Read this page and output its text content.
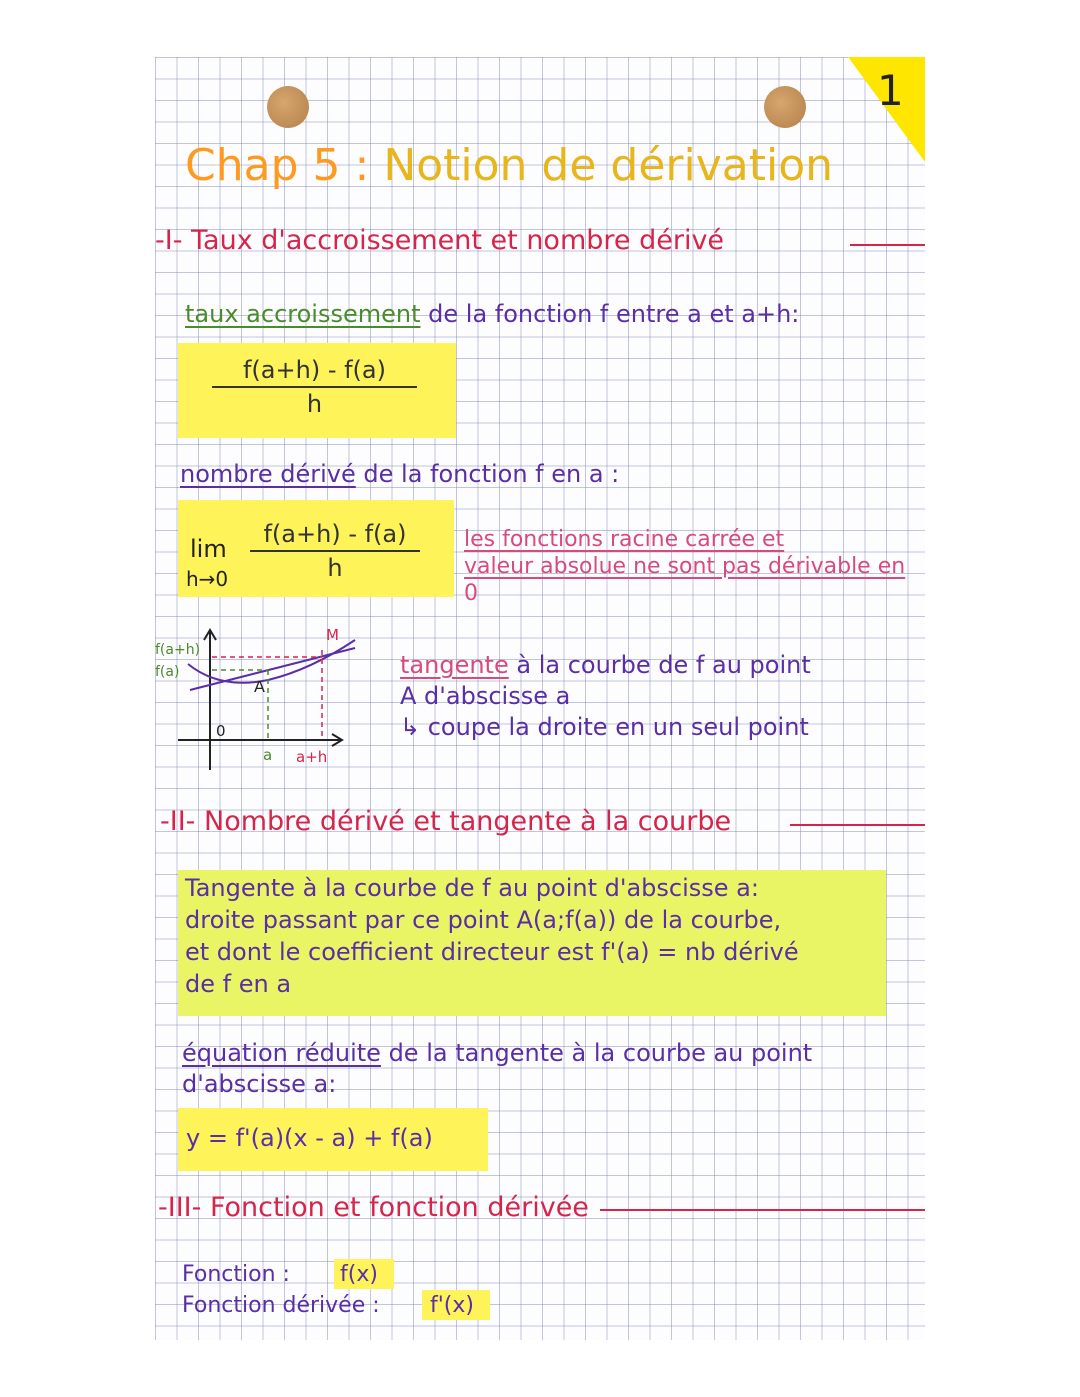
1
Chap 5 : Notion de dérivation
-I- Taux d'accroissement et nombre dérivé
taux accroissement de la fonction f entre a et a+h:
f(a+h) - f(a)
h
nombre dérivé de la fonction f en a :
lim
h→0
f(a+h) - f(a)
h
les fonctions racine carrée et
valeur absolue ne sont pas dérivable en
0
f(a+h)
f(a)
0
A
M
a a+h
tangente à la courbe de f au point
A d'abscisse a
↳ coupe la droite en un seul point
-II- Nombre dérivé et tangente à la courbe
Tangente à la courbe de f au point d'abscisse a:
droite passant par ce point A(a;f(a)) de la courbe,
et dont le coefficient directeur est f'(a) = nb dérivé
de f en a
équation réduite de la tangente à la courbe au point
d'abscisse a:
y = f'(a)(x - a) + f(a)
-III- Fonction et fonction dérivée
Fonction : f(x)
Fonction dérivée : f'(x)
